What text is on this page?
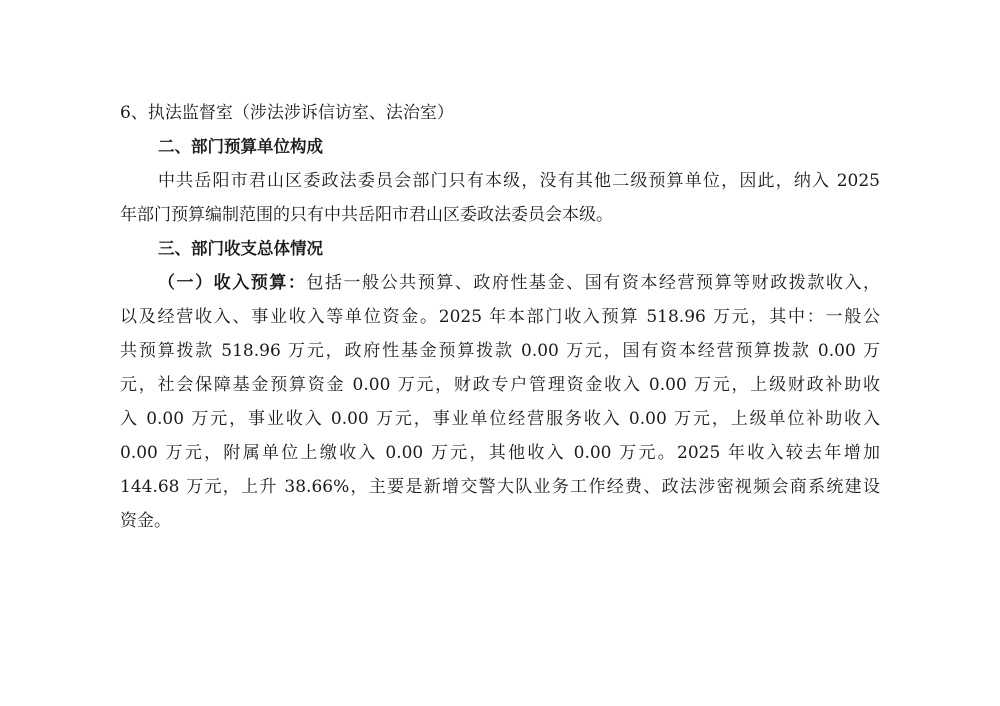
6、执法监督室（涉法涉诉信访室、法治室）
二、部门预算单位构成
中共岳阳市君山区委政法委员会部门只有本级，没有其他二级预算单位，因此，纳入 2025
年部门预算编制范围的只有中共岳阳市君山区委政法委员会本级。
三、部门收支总体情况
（一）收入预算：包括一般公共预算、政府性基金、国有资本经营预算等财政拨款收入，
以及经营收入、事业收入等单位资金。2025 年本部门收入预算 518.96 万元，其中：一般公
共预算拨款 518.96 万元，政府性基金预算拨款 0.00 万元，国有资本经营预算拨款 0.00 万
元，社会保障基金预算资金 0.00 万元，财政专户管理资金收入 0.00 万元，上级财政补助收
入 0.00 万元，事业收入 0.00 万元，事业单位经营服务收入 0.00 万元，上级单位补助收入
0.00 万元，附属单位上缴收入 0.00 万元，其他收入 0.00 万元。2025 年收入较去年增加
144.68 万元，上升 38.66%，主要是新增交警大队业务工作经费、政法涉密视频会商系统建设
资金。
